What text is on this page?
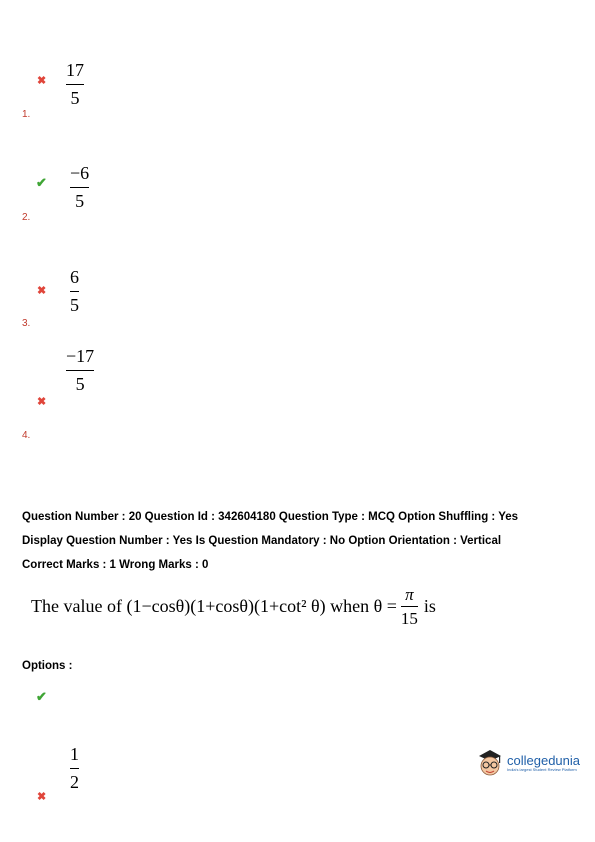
✖
17
5
1.
✔ −6
5
2.
✖
6
5
3.
−17
5
✖
4.
Question Number : 20 Question Id : 342604180 Question Type : MCQ Option Shuffling : Yes
Display Question Number : Yes Is Question Mandatory : No Option Orientation : Vertical
Correct Marks : 1 Wrong Marks : 0
The value of (1−cosθ)(1+cosθ)(1+cot² θ) when θ =
π
15
is
Options :
✔
1
2
✖
collegedunia
India's largest Student Review Platform
